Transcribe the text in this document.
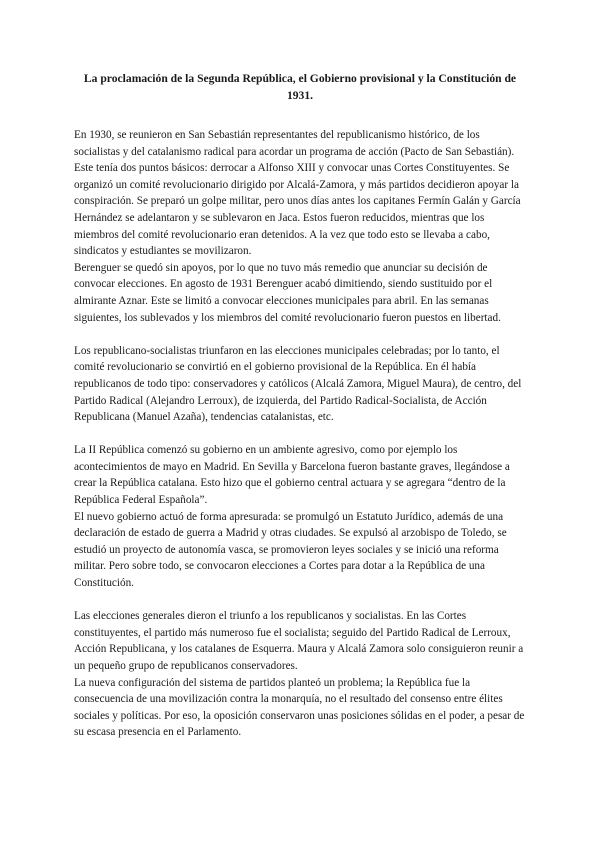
La proclamación de la Segunda República, el Gobierno provisional y la Constitución de 1931.

En 1930, se reunieron en San Sebastián representantes del republicanismo histórico, de los socialistas y del catalanismo radical para acordar un programa de acción (Pacto de San Sebastián). Este tenía dos puntos básicos: derrocar a Alfonso XIII y convocar unas Cortes Constituyentes. Se organizó un comité revolucionario dirigido por Alcalá-Zamora, y más partidos decidieron apoyar la conspiración. Se preparó un golpe militar, pero unos días antes los capitanes Fermín Galán y García Hernández se adelantaron y se sublevaron en Jaca. Estos fueron reducidos, mientras que los miembros del comité revolucionario eran detenidos. A la vez que todo esto se llevaba a cabo, sindicatos y estudiantes se movilizaron.

Berenguer se quedó sin apoyos, por lo que no tuvo más remedio que anunciar su decisión de convocar elecciones. En agosto de 1931 Berenguer acabó dimitiendo, siendo sustituido por el almirante Aznar. Este se limitó a convocar elecciones municipales para abril. En las semanas siguientes, los sublevados y los miembros del comité revolucionario fueron puestos en libertad.

Los republicano-socialistas triunfaron en las elecciones municipales celebradas; por lo tanto, el comité revolucionario se convirtió en el gobierno provisional de la República. En él había republicanos de todo tipo: conservadores y católicos (Alcalá Zamora, Miguel Maura), de centro, del Partido Radical (Alejandro Lerroux), de izquierda, del Partido Radical-Socialista, de Acción Republicana (Manuel Azaña), tendencias catalanistas, etc.

La II República comenzó su gobierno en un ambiente agresivo, como por ejemplo los acontecimientos de mayo en Madrid. En Sevilla y Barcelona fueron bastante graves, llegándose a crear la República catalana. Esto hizo que el gobierno central actuara y se agregara “dentro de la República Federal Española”.

El nuevo gobierno actuó de forma apresurada: se promulgó un Estatuto Jurídico, además de una declaración de estado de guerra a Madrid y otras ciudades. Se expulsó al arzobispo de Toledo, se estudió un proyecto de autonomía vasca, se promovieron leyes sociales y se inició una reforma militar. Pero sobre todo, se convocaron elecciones a Cortes para dotar a la República de una Constitución.

Las elecciones generales dieron el triunfo a los republicanos y socialistas. En las Cortes constituyentes, el partido más numeroso fue el socialista; seguido del Partido Radical de Lerroux, Acción Republicana, y los catalanes de Esquerra. Maura y Alcalá Zamora solo consiguieron reunir a un pequeño grupo de republicanos conservadores.

La nueva configuración del sistema de partidos planteó un problema; la República fue la consecuencia de una movilización contra la monarquía, no el resultado del consenso entre élites sociales y políticas. Por eso, la oposición conservaron unas posiciones sólidas en el poder, a pesar de su escasa presencia en el Parlamento.
